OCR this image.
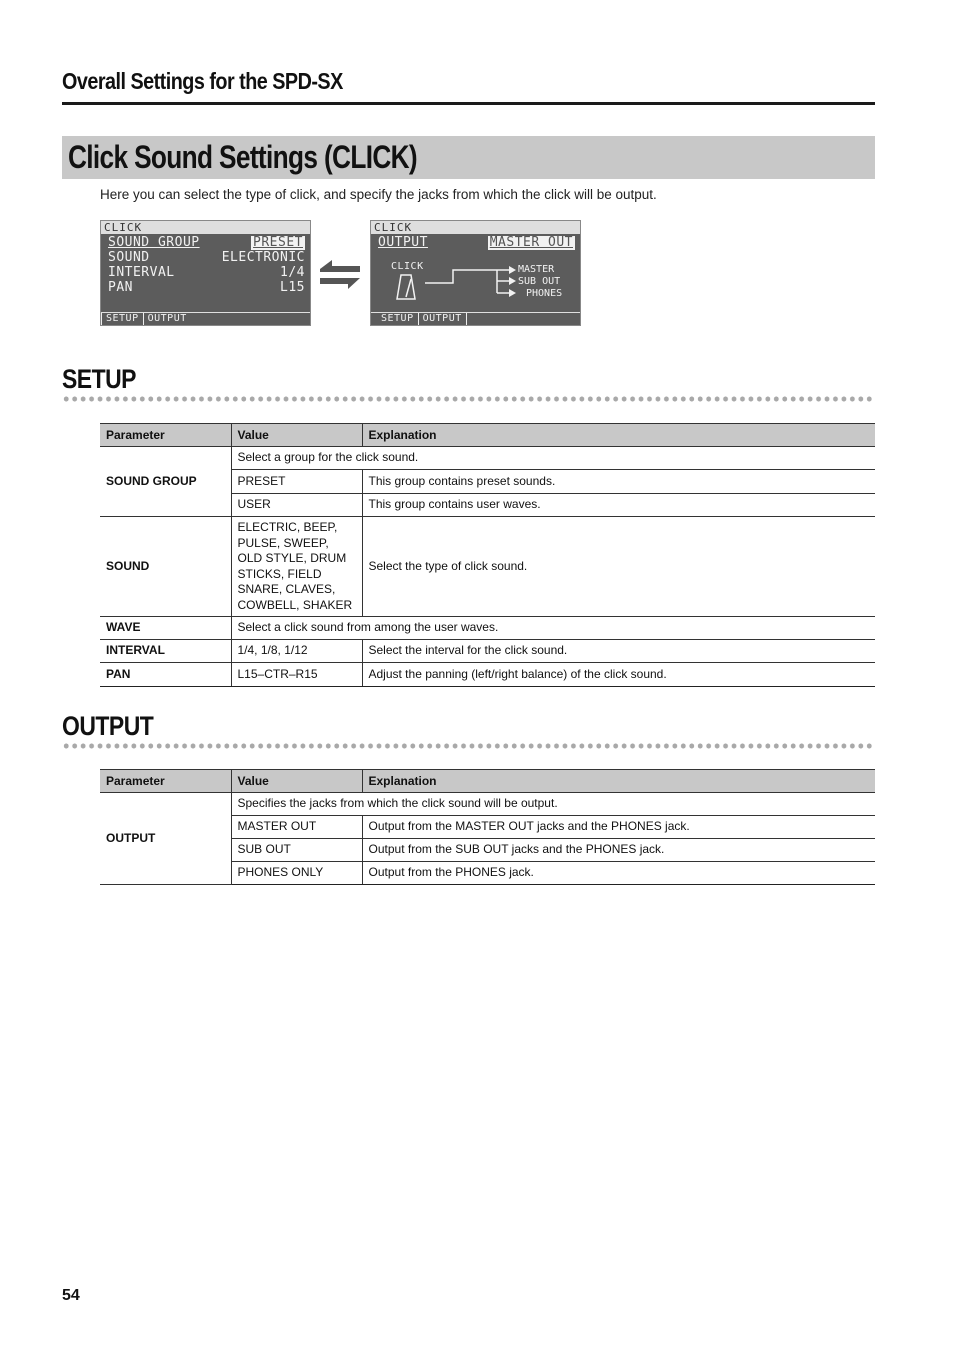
Overall Settings for the SPD-SX
Click Sound Settings (CLICK)
Here you can select the type of click, and specify the jacks from which the click will be output.
CLICK
SOUND GROUP	PRESET
SOUND	ELECTRONIC
INTERVAL	1/4
PAN	L15
SETUP OUTPUT
CLICK
OUTPUT	MASTER OUT
CLICK	MASTER
SUB OUT
PHONES
SETUP OUTPUT
SETUP
Parameter	Value	Explanation
SOUND GROUP	Select a group for the click sound.	
	PRESET	This group contains preset sounds.
	USER	This group contains user waves.
SOUND	ELECTRIC, BEEP, PULSE, SWEEP, OLD STYLE, DRUM STICKS, FIELD SNARE, CLAVES, COWBELL, SHAKER	Select the type of click sound.
WAVE	Select a click sound from among the user waves.	
INTERVAL	1/4, 1/8, 1/12	Select the interval for the click sound.
PAN	L15–CTR–R15	Adjust the panning (left/right balance) of the click sound.
OUTPUT
Parameter	Value	Explanation
OUTPUT	Specifies the jacks from which the click sound will be output.	
	MASTER OUT	Output from the MASTER OUT jacks and the PHONES jack.
	SUB OUT	Output from the SUB OUT jacks and the PHONES jack.
	PHONES ONLY	Output from the PHONES jack.
54
